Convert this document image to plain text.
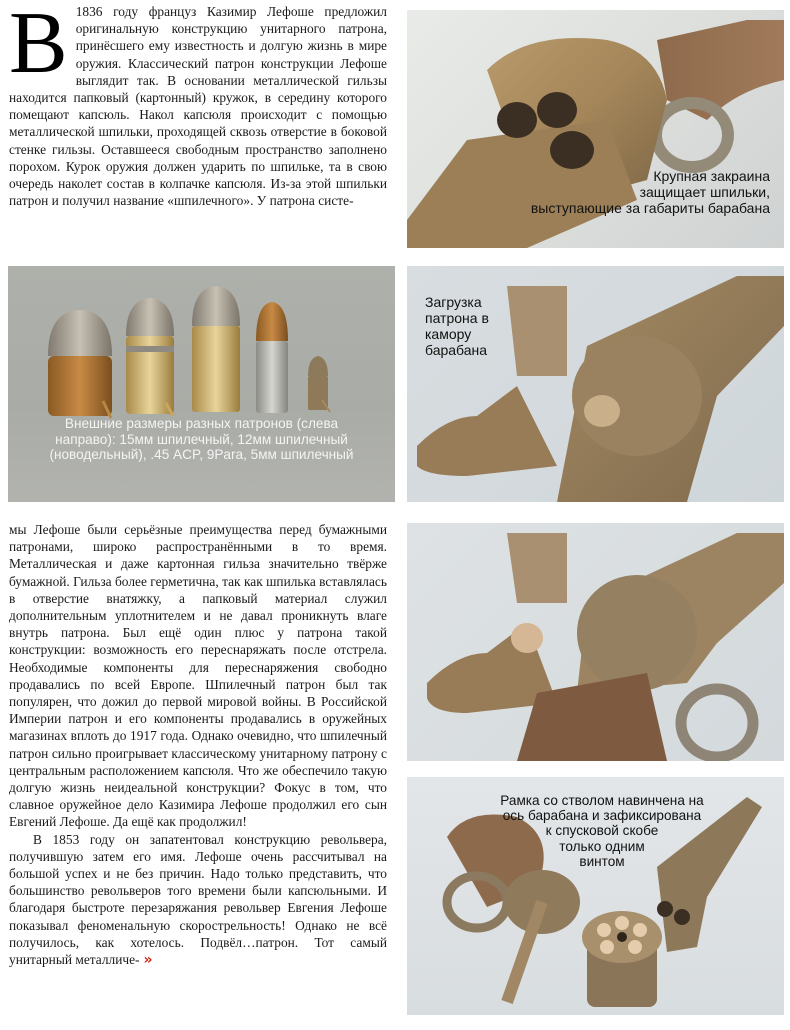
В 1836 году француз Казимир Лефоше предложил оригинальную конструкцию унитарного патрона, принёсшего ему известность и долгую жизнь в мире оружия. Классический патрон конструкции Лефоше выглядит так. В основании металлической гильзы находится папковый (картонный) кружок, в середину которого помещают капсюль. Накол капсюля происходит с помощью металлической шпильки, проходящей сквозь отверстие в боковой стенке гильзы. Оставшееся свободным пространство заполнено порохом. Курок оружия должен ударить по шпильке, та в свою очередь наколет состав в колпачке капсюля. Из-за этой шпильки патрон и получил название «шпилечного». У патрона систе-

Внешние размеры разных патронов (слева направо): 15мм шпилечный, 12мм шпилечный (новодельный), .45 ACP, 9Para, 5мм шпилечный

мы Лефоше были серьёзные преимущества перед бумажными патронами, широко распространёнными в то время. Металлическая и даже картонная гильза значительно твёрже бумажной. Гильза более герметична, так как шпилька вставлялась в отверстие внатяжку, а папковый материал служил дополнительным уплотнителем и не давал проникнуть влаге внутрь патрона. Был ещё один плюс у патрона такой конструкции: возможность его переснаряжать после отстрела. Необходимые компоненты для переснаряжения свободно продавались по всей Европе. Шпилечный патрон был так популярен, что дожил до первой мировой войны. В Российской Империи патрон и его компоненты продавались в оружейных магазинах вплоть до 1917 года. Однако очевидно, что шпилечный патрон сильно проигрывает классическому унитарному патрону с центральным расположением капсюля. Что же обеспечило такую долгую жизнь неидеальной конструкции? Фокус в том, что славное оружейное дело Казимира Лефоше продолжил его сын Евгений Лефоше. Да ещё как продолжил!

В 1853 году он запатентовал конструкцию револьвера, получившую затем его имя. Лефоше очень рассчитывал на большой успех и не без причин. Надо только представить, что большинство револьверов того времени были капсюльными. И благодаря быстроте перезаряжания револьвер Евгения Лефоше показывал феноменальную скорострельность! Однако не всё получилось, как хотелось. Подвёл…патрон. Тот самый унитарный металличе- »

Крупная закраина
защищает шпильки,
выступающие за габариты барабана
Загрузка
патрона в
камору
барабана
Рамка со стволом навинчена на
ось барабана и зафиксирована
к спусковой скобе
только одним
винтом
